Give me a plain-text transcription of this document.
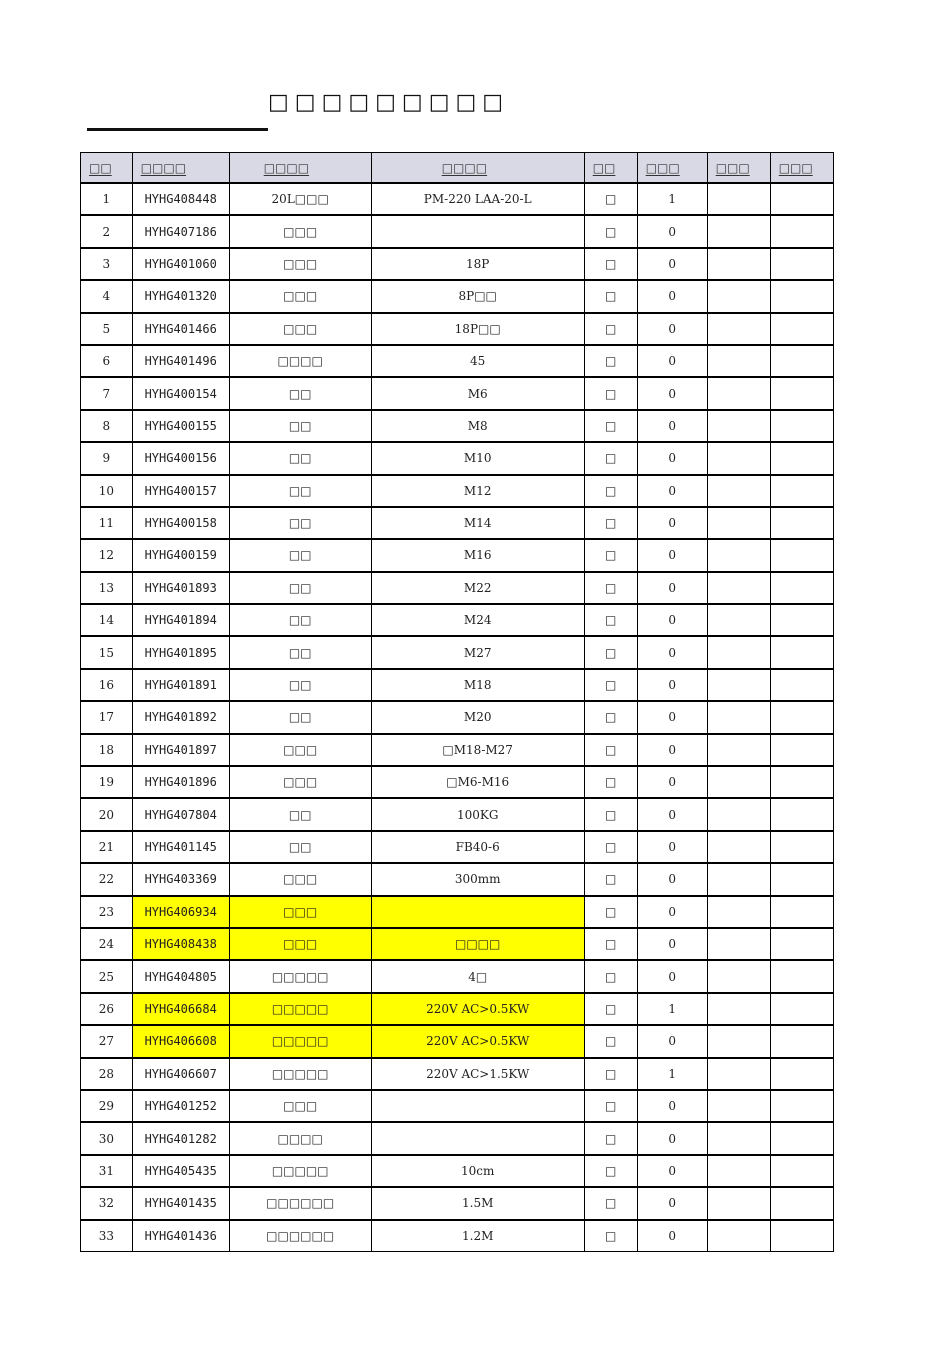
□□□□□□□□□
□□	□□□□	□□□□	□□□□	□□	□□□	□□□	□□□
1	HYHG408448	20L□□□	PM-220 LAA-20-L	□	1		
2	HYHG407186	□□□		□	0		
3	HYHG401060	□□□	18P	□	0		
4	HYHG401320	□□□	8P□□	□	0		
5	HYHG401466	□□□	18P□□	□	0		
6	HYHG401496	□□□□	45	□	0		
7	HYHG400154	□□	M6	□	0		
8	HYHG400155	□□	M8	□	0		
9	HYHG400156	□□	M10	□	0		
10	HYHG400157	□□	M12	□	0		
11	HYHG400158	□□	M14	□	0		
12	HYHG400159	□□	M16	□	0		
13	HYHG401893	□□	M22	□	0		
14	HYHG401894	□□	M24	□	0		
15	HYHG401895	□□	M27	□	0		
16	HYHG401891	□□	M18	□	0		
17	HYHG401892	□□	M20	□	0		
18	HYHG401897	□□□	□M18-M27	□	0		
19	HYHG401896	□□□	□M6-M16	□	0		
20	HYHG407804	□□	100KG	□	0		
21	HYHG401145	□□	FB40-6	□	0		
22	HYHG403369	□□□	300mm	□	0		
23	HYHG406934	□□□		□	0		
24	HYHG408438	□□□	□□□□	□	0		
25	HYHG404805	□□□□□	4□	□	0		
26	HYHG406684	□□□□□	220V AC>0.5KW	□	1		
27	HYHG406608	□□□□□	220V AC>0.5KW	□	0		
28	HYHG406607	□□□□□	220V AC>1.5KW	□	1		
29	HYHG401252	□□□		□	0		
30	HYHG401282	□□□□		□	0		
31	HYHG405435	□□□□□	10cm	□	0		
32	HYHG401435	□□□□□□	1.5M	□	0		
33	HYHG401436	□□□□□□	1.2M	□	0		
